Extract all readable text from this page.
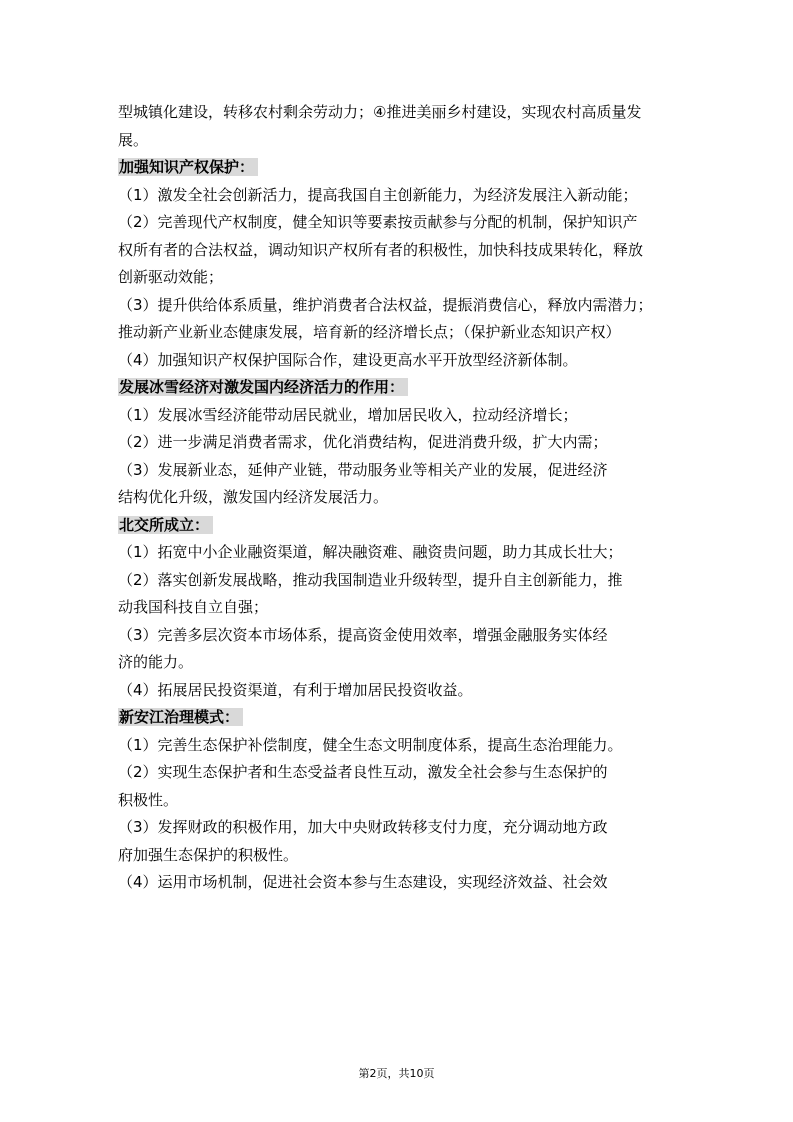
型城镇化建设，转移农村剩余劳动力；④推进美丽乡村建设，实现农村高质量发
展。
加强知识产权保护：
（1）激发全社会创新活力，提高我国自主创新能力，为经济发展注入新动能；
（2）完善现代产权制度，健全知识等要素按贡献参与分配的机制，保护知识产
权所有者的合法权益，调动知识产权所有者的积极性，加快科技成果转化，释放
创新驱动效能；
（3）提升供给体系质量，维护消费者合法权益，提振消费信心，释放内需潜力；
推动新产业新业态健康发展，培育新的经济增长点；（保护新业态知识产权）
（4）加强知识产权保护国际合作，建设更高水平开放型经济新体制。
发展冰雪经济对激发国内经济活力的作用：
（1）发展冰雪经济能带动居民就业，增加居民收入，拉动经济增长；
（2）进一步满足消费者需求，优化消费结构，促进消费升级，扩大内需；
（3）发展新业态，延伸产业链，带动服务业等相关产业的发展，促进经济
结构优化升级，激发国内经济发展活力。
北交所成立：
（1）拓宽中小企业融资渠道，解决融资难、融资贵问题，助力其成长壮大；
（2）落实创新发展战略，推动我国制造业升级转型，提升自主创新能力，推
动我国科技自立自强；
（3）完善多层次资本市场体系，提高资金使用效率，增强金融服务实体经
济的能力。
（4）拓展居民投资渠道，有利于增加居民投资收益。
新安江治理模式：
（1）完善生态保护补偿制度，健全生态文明制度体系，提高生态治理能力。
（2）实现生态保护者和生态受益者良性互动，激发全社会参与生态保护的
积极性。
（3）发挥财政的积极作用，加大中央财政转移支付力度，充分调动地方政
府加强生态保护的积极性。
（4）运用市场机制，促进社会资本参与生态建设，实现经济效益、社会效
第2页，共10页
